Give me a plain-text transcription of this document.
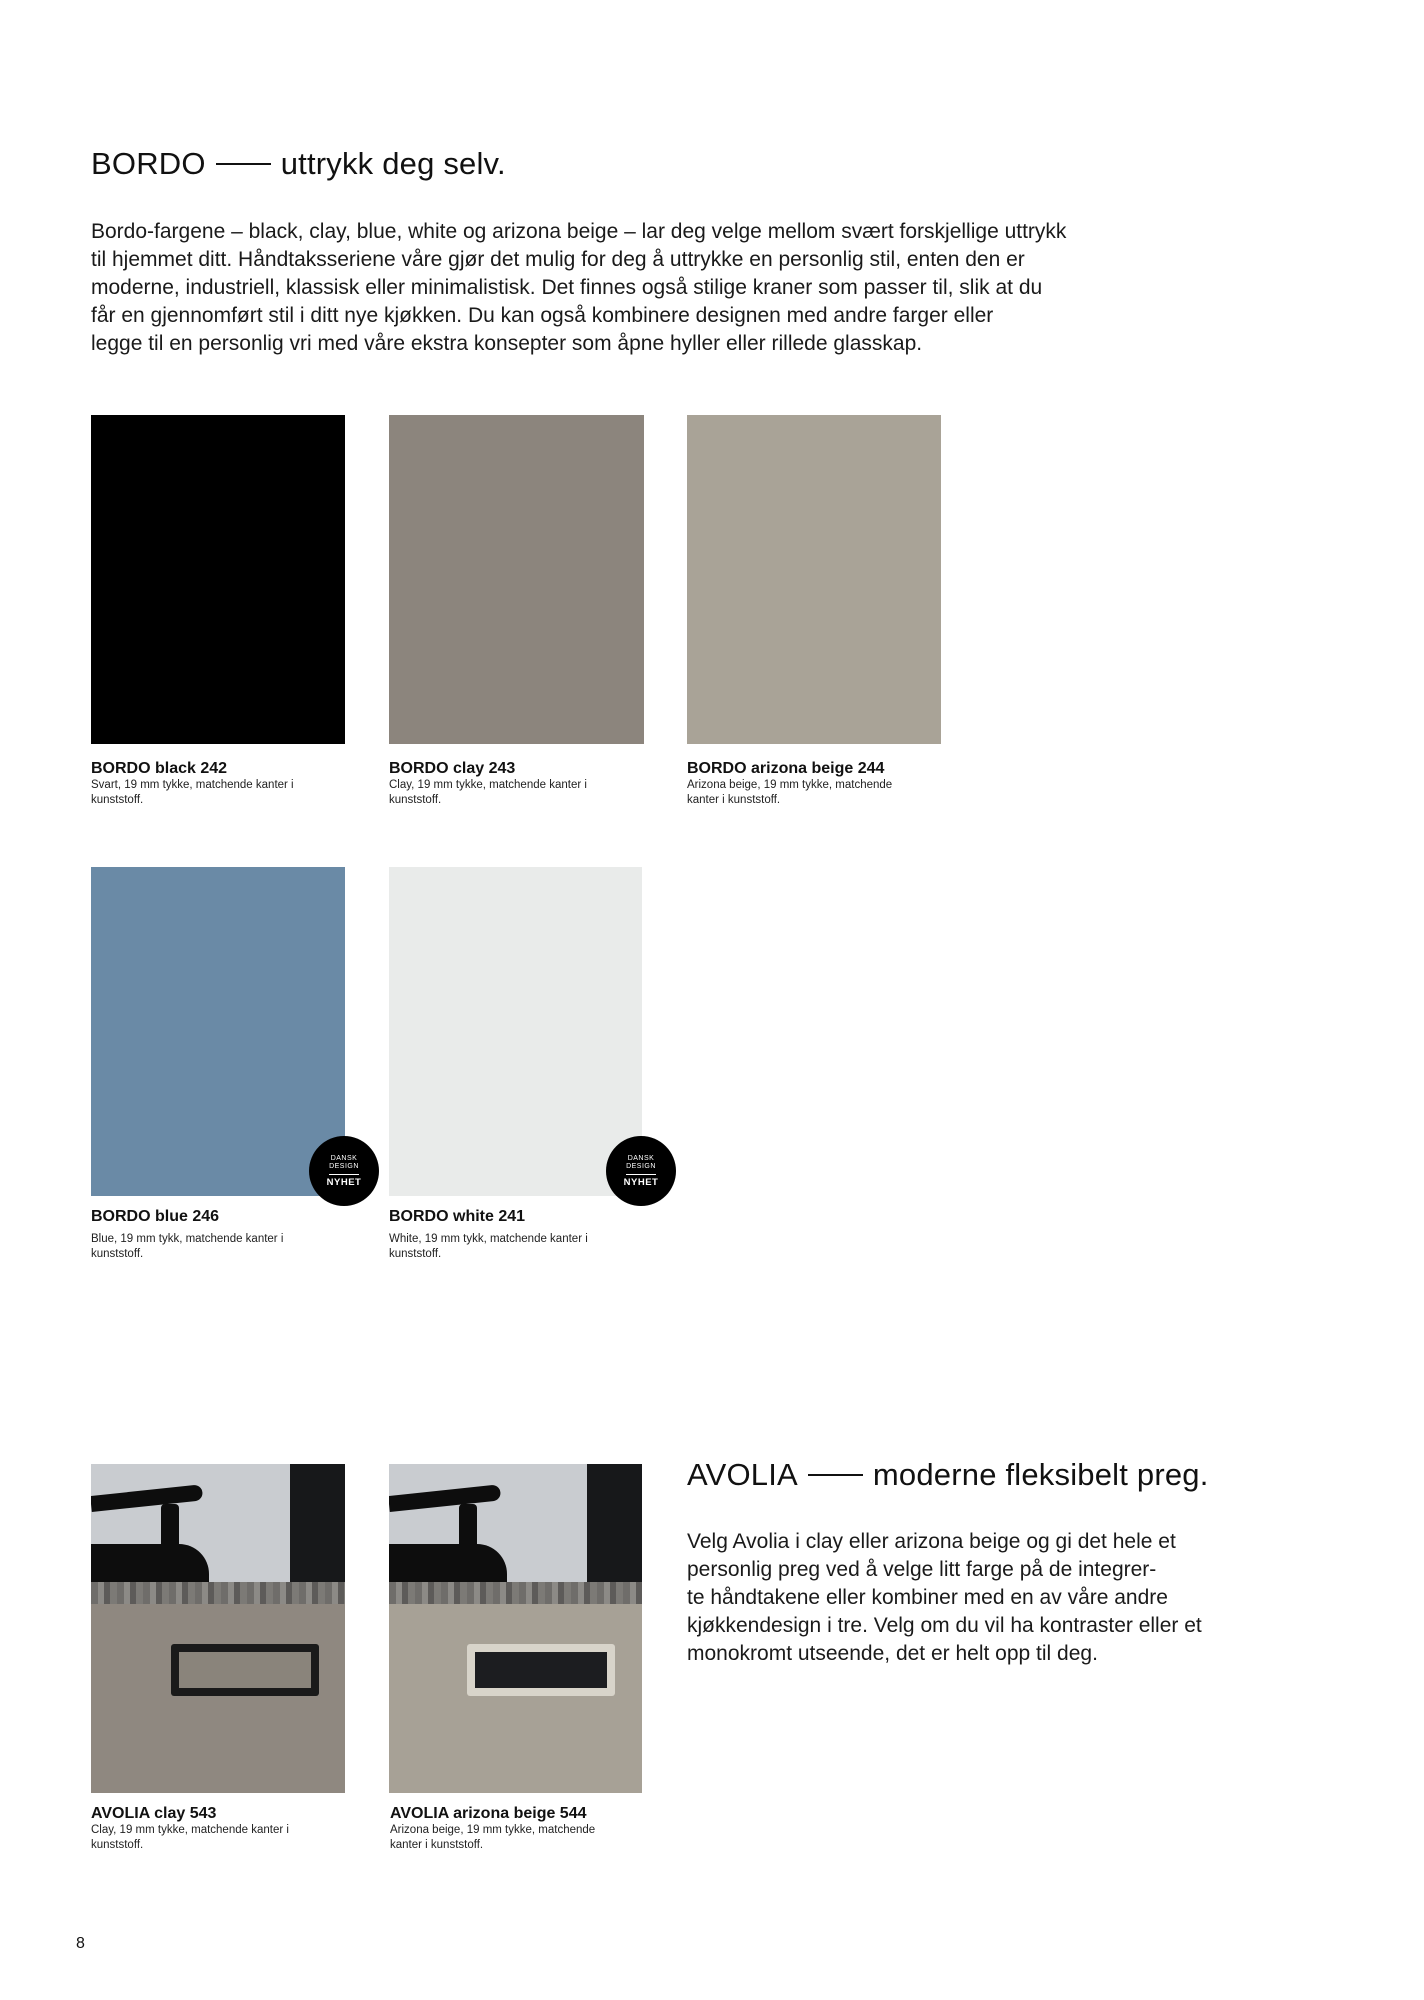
BORDO uttrykk deg selv.

Bordo-fargene – black, clay, blue, white og arizona beige – lar deg velge mellom svært forskjellige uttrykk

til hjemmet ditt. Håndtaksseriene våre gjør det mulig for deg å uttrykke en personlig stil, enten den er

moderne, industriell, klassisk eller minimalistisk. Det finnes også stilige kraner som passer til, slik at du

får en gjennomført stil i ditt nye kjøkken. Du kan også kombinere designen med andre farger eller

legge til en personlig vri med våre ekstra konsepter som åpne hyller eller rillede glasskap.

BORDO black 242
Svart, 19 mm tykke, matchende kanter i kunststoff.
BORDO clay 243
Clay, 19 mm tykke, matchende kanter i kunststoff.
BORDO arizona beige 244
Arizona beige, 19 mm tykke, matchende kanter i kunststoff.
DANSK
DESIGN
NYHET
DANSK
DESIGN
NYHET
BORDO blue 246
Blue, 19 mm tykk, matchende kanter i kunststoff.
BORDO white 241
White, 19 mm tykk, matchende kanter i kunststoff.
AVOLIA clay 543
Clay, 19 mm tykke, matchende kanter i kunststoff.
AVOLIA arizona beige 544
Arizona beige, 19 mm tykke, matchende kanter i kunststoff.
AVOLIA moderne fleksibelt preg.

Velg Avolia i clay eller arizona beige og gi det hele et

personlig preg ved å velge litt farge på de integrer-

te håndtakene eller kombiner med en av våre andre

kjøkkendesign i tre. Velg om du vil ha kontraster eller et

monokromt utseende, det er helt opp til deg.

8
